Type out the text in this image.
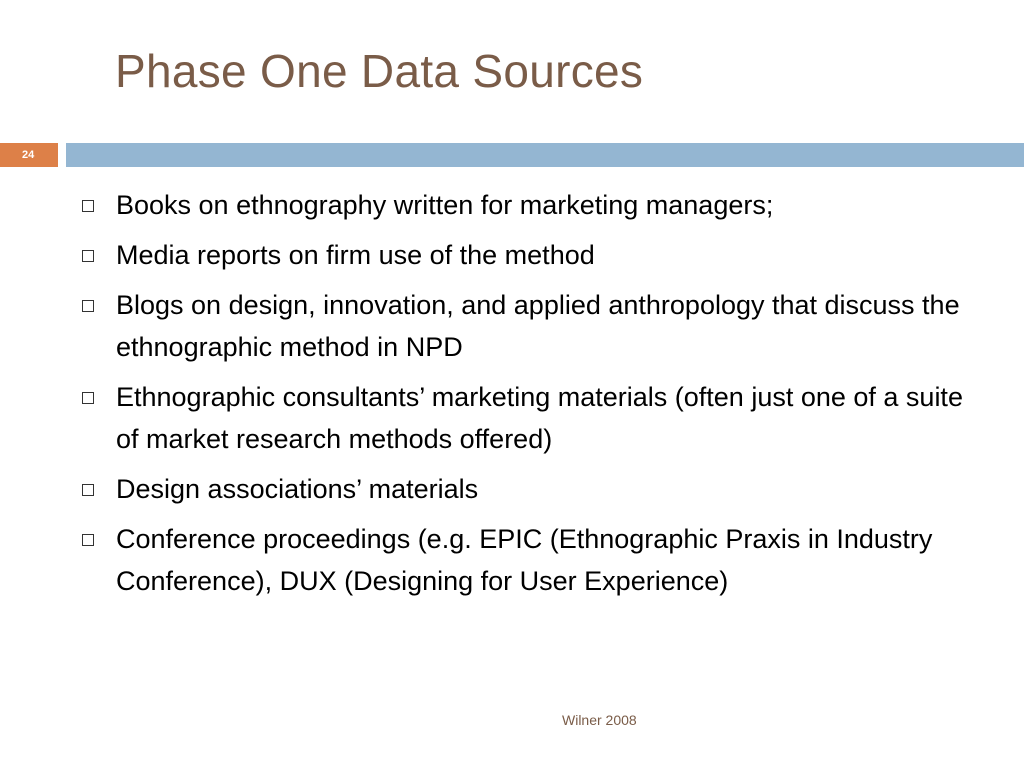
Phase One Data Sources
24
Books on ethnography written for marketing managers;
Media reports on firm use of the method
Blogs on design, innovation, and applied anthropology that discuss the ethnographic method in NPD
Ethnographic consultants’ marketing materials (often just one of a suite of market research methods offered)
Design associations’ materials
Conference proceedings (e.g. EPIC (Ethnographic Praxis in Industry Conference), DUX (Designing for User Experience)
Wilner 2008
